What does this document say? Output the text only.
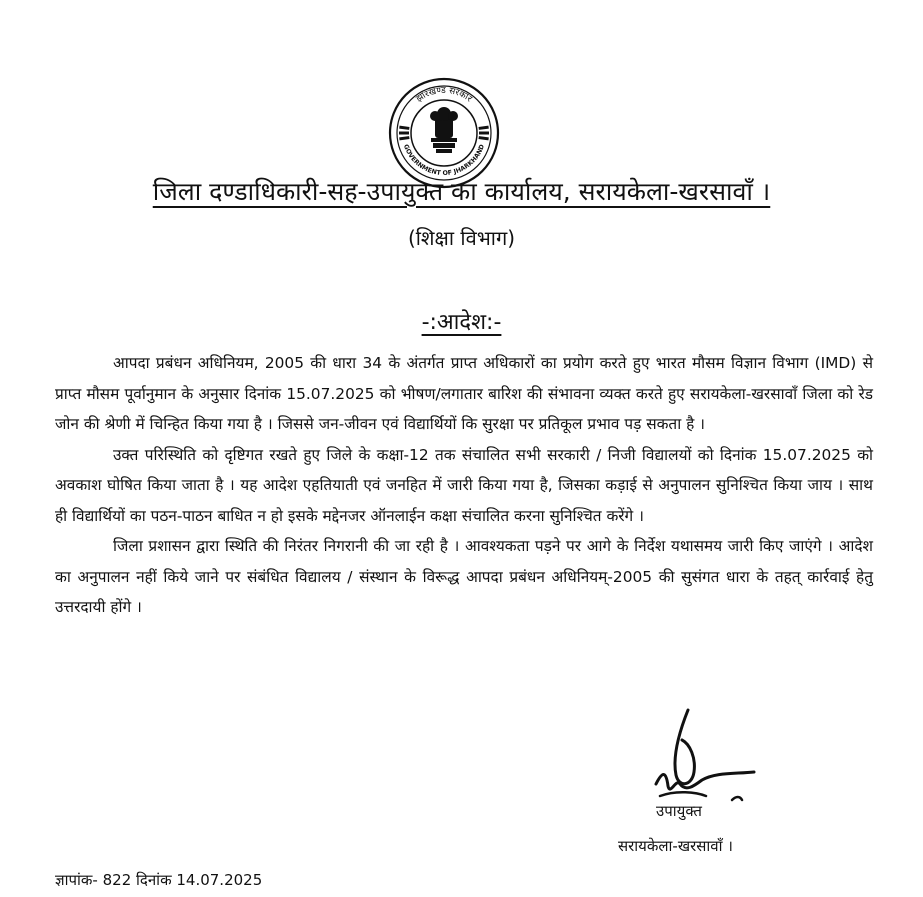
झारखण्ड सरकार
GOVERNMENT OF JHARKHAND
जिला दण्डाधिकारी-सह-उपायुक्त का कार्यालय, सरायकेला-खरसावाँ ।
(शिक्षा विभाग)
-:आदेश:-

आपदा प्रबंधन अधिनियम, 2005 की धारा 34 के अंतर्गत प्राप्त अधिकारों का प्रयोग करते हुए भारत मौसम विज्ञान विभाग (IMD) से प्राप्त मौसम पूर्वानुमान के अनुसार दिनांक 15.07.2025 को भीषण/लगातार बारिश की संभावना व्यक्त करते हुए सरायकेला-खरसावाँ जिला को रेड जोन की श्रेणी में चिन्हित किया गया है । जिससे जन-जीवन एवं विद्यार्थियों कि सुरक्षा पर प्रतिकूल प्रभाव पड़ सकता है ।

उक्त परिस्थिति को दृष्टिगत रखते हुए जिले के कक्षा-12 तक संचालित सभी सरकारी / निजी विद्यालयों को दिनांक 15.07.2025 को अवकाश घोषित किया जाता है । यह आदेश एहतियाती एवं जनहित में जारी किया गया है, जिसका कड़ाई से अनुपालन सुनिश्चित किया जाय । साथ ही विद्यार्थियों का पठन-पाठन बाधित न हो इसके मद्देनजर ऑनलाईन कक्षा संचालित करना सुनिश्चित करेंगे ।

जिला प्रशासन द्वारा स्थिति की निरंतर निगरानी की जा रही है । आवश्यकता पड़ने पर आगे के निर्देश यथासमय जारी किए जाएंगे । आदेश का अनुपालन नहीं किये जाने पर संबंधित विद्यालय / संस्थान के विरूद्ध आपदा प्रबंधन अधिनियम्-2005 की सुसंगत धारा के तहत् कार्रवाई हेतु उत्तरदायी होंगे ।

उपायुक्त
सरायकेला-खरसावाँ ।
ज्ञापांक- 822 दिनांक 14.07.2025
